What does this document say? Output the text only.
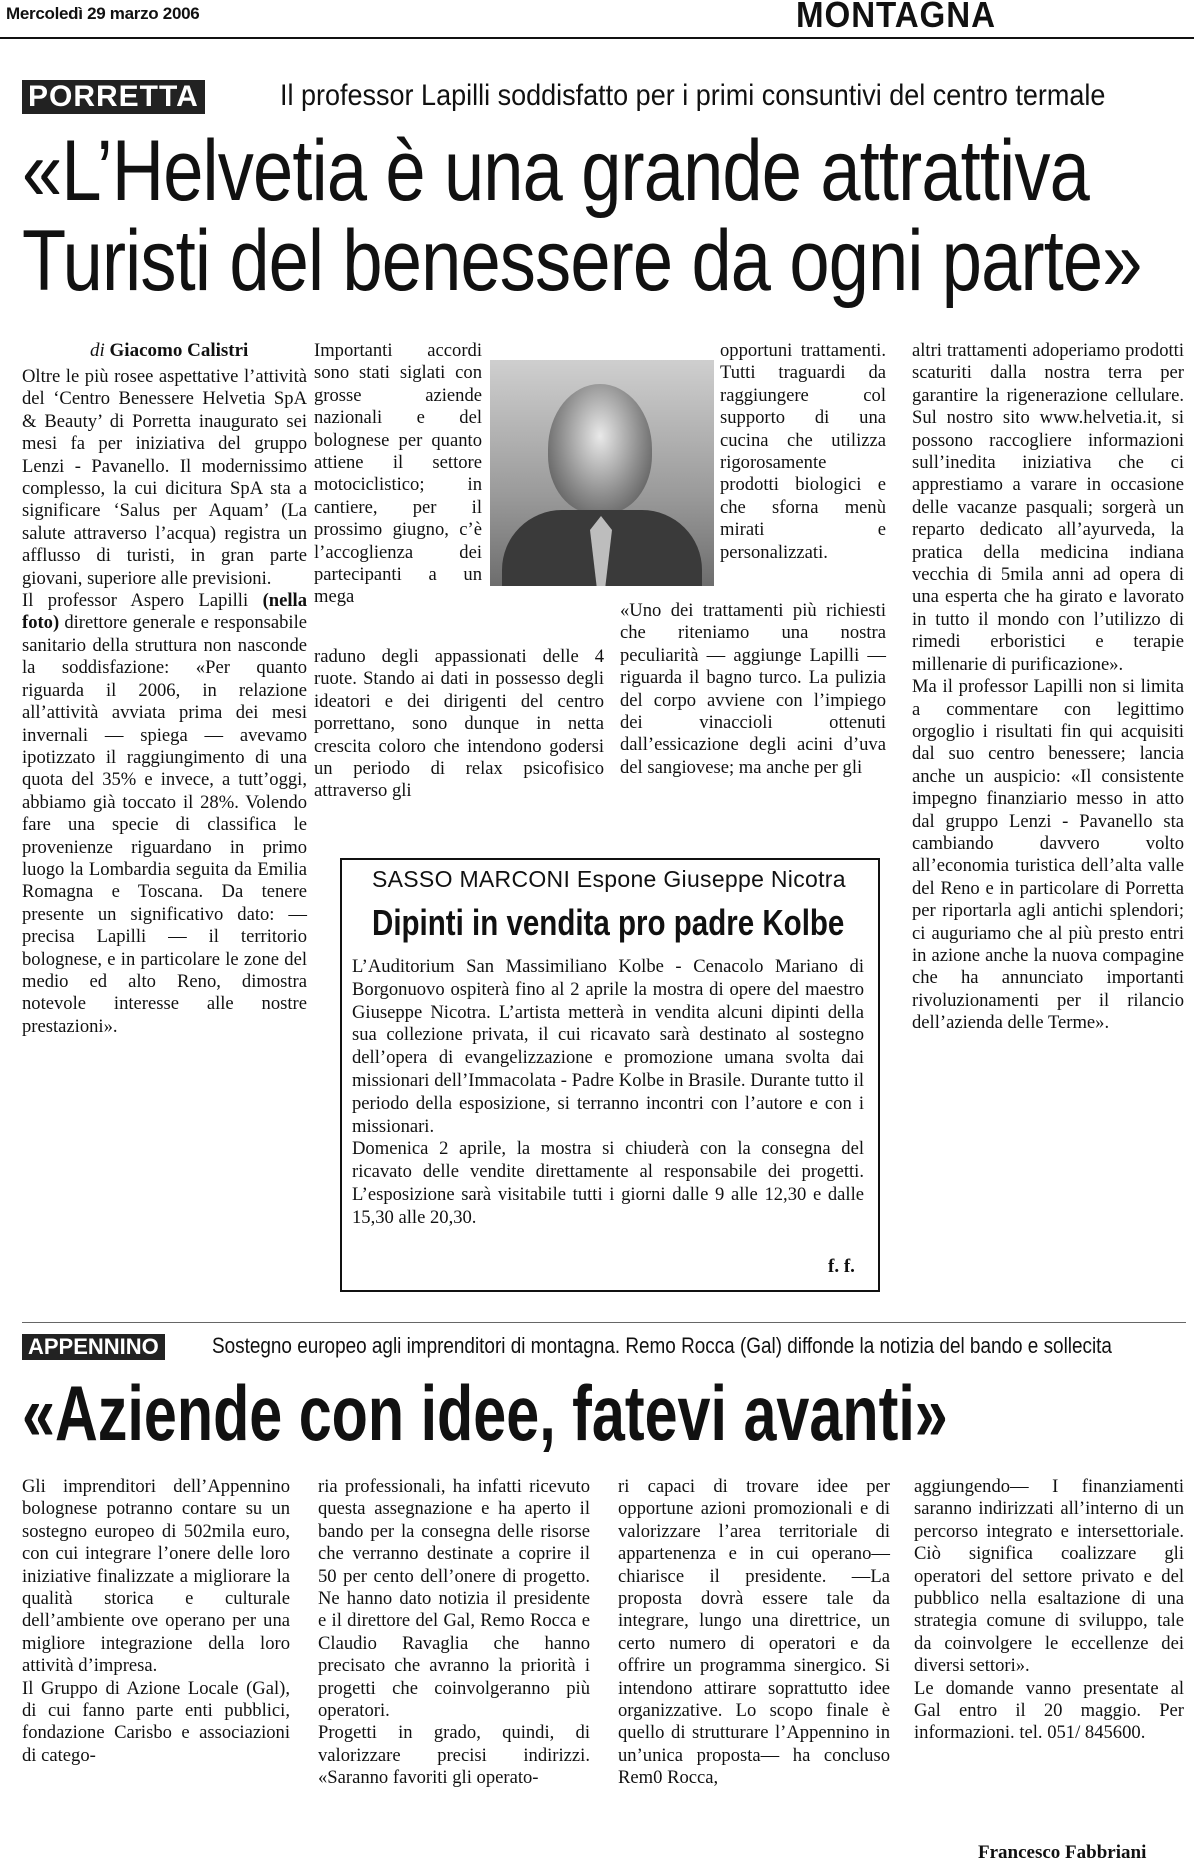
Mercoledì 29 marzo 2006	MONTAGNA
PORRETTA	Il professor Lapilli soddisfatto per i primi consuntivi del centro termale
«L’Helvetia è una grande attrattiva
Turisti del benessere da ogni parte»
di Giacomo Calistri

Oltre le più rosee aspettative l’attività del ‘Centro Benessere Helvetia SpA & Beauty’ di Porretta inaugurato sei mesi fa per iniziativa del gruppo Lenzi - Pavanello. Il modernissimo complesso, la cui dicitura SpA sta a significare ‘Salus per Aquam’ (La salute attraverso l’acqua) registra un afflusso di turisti, in gran parte giovani, superiore alle previsioni.

Il professor Aspero Lapilli (nella foto) direttore generale e responsabile sanitario della struttura non nasconde la soddisfazione: «Per quanto riguarda il 2006, in relazione all’attività avviata prima dei mesi invernali — spiega — avevamo ipotizzato il raggiungimento di una quota del 35% e invece, a tutt’oggi, abbiamo già toccato il 28%. Volendo fare una specie di classifica le provenienze riguardano in primo luogo la Lombardia seguita da Emilia Romagna e Toscana. Da tenere presente un significativo dato: — precisa Lapilli — il territorio bolognese, e in particolare le zone del medio ed alto Reno, dimostra notevole interesse alle nostre prestazioni».

Importanti accordi sono stati siglati con grosse aziende nazionali e del bolognese per quanto attiene il settore motociclistico; in cantiere, per il prossimo giugno, c’è l’accoglienza dei partecipanti a un mega

raduno degli appassionati delle 4 ruote. Stando ai dati in possesso degli ideatori e dei dirigenti del centro porrettano, sono dunque in netta crescita coloro che intendono godersi un periodo di relax psicofisico attraverso gli

opportuni trattamenti. Tutti traguardi da raggiungere col supporto di una cucina che utilizza rigorosamente prodotti biologici e che sforna menù mirati e personalizzati.

«Uno dei trattamenti più richiesti che riteniamo una nostra peculiarità — aggiunge Lapilli — riguarda il bagno turco. La pulizia del corpo avviene con l’impiego dei vinaccioli ottenuti dall’essicazione degli acini d’uva del sangiovese; ma anche per gli

altri trattamenti adoperiamo prodotti scaturiti dalla nostra terra per garantire la rigenerazione cellulare. Sul nostro sito www.helvetia.it, si possono raccogliere informazioni sull’inedita iniziativa che ci apprestiamo a varare in occasione delle vacanze pasquali; sorgerà un reparto dedicato all’ayurveda, la pratica della medicina indiana vecchia di 5mila anni ad opera di una esperta che ha girato e lavorato in tutto il mondo con l’utilizzo di rimedi erboristici e terapie millenarie di purificazione».

Ma il professor Lapilli non si limita a commentare con legittimo orgoglio i risultati fin qui acquisiti dal suo centro benessere; lancia anche un auspicio: «Il consistente impegno finanziario messo in atto dal gruppo Lenzi - Pavanello sta cambiando davvero volto all’economia turistica dell’alta valle del Reno e in particolare di Porretta per riportarla agli antichi splendori; ci auguriamo che al più presto entri in azione anche la nuova compagine che ha annunciato importanti rivoluzionamenti per il rilancio dell’azienda delle Terme».

SASSO MARCONI Espone Giuseppe Nicotra
Dipinti in vendita pro padre Kolbe

L’Auditorium San Massimiliano Kolbe - Cenacolo Mariano di Borgonuovo ospiterà fino al 2 aprile la mostra di opere del maestro Giuseppe Nicotra. L’artista metterà in vendita alcuni dipinti della sua collezione privata, il cui ricavato sarà destinato al sostegno dell’opera di evangelizzazione e promozione umana svolta dai missionari dell’Immacolata - Padre Kolbe in Brasile. Durante tutto il periodo della esposizione, si terranno incontri con l’autore e con i missionari.

Domenica 2 aprile, la mostra si chiuderà con la consegna del ricavato delle vendite direttamente al responsabile dei progetti. L’esposizione sarà visitabile tutti i giorni dalle 9 alle 12,30 e dalle 15,30 alle 20,30.

f. f.
APPENNINO Sostegno europeo agli imprenditori di montagna. Remo Rocca (Gal) diffonde la notizia del bando e sollecita
«Aziende con idee, fatevi avanti»

Gli imprenditori dell’Appennino bolognese potranno contare su un sostegno europeo di 502mila euro, con cui integrare l’onere delle loro iniziative finalizzate a migliorare la qualità storica e culturale dell’ambiente ove operano per una migliore integrazione della loro attività d’impresa.

Il Gruppo di Azione Locale (Gal), di cui fanno parte enti pubblici, fondazione Carisbo e associazioni di catego-

ria professionali, ha infatti ricevuto questa assegnazione e ha aperto il bando per la consegna delle risorse che verranno destinate a coprire il 50 per cento dell’onere di progetto. Ne hanno dato notizia il presidente e il direttore del Gal, Remo Rocca e Claudio Ravaglia che hanno precisato che avranno la priorità i progetti che coinvolgeranno più operatori.

Progetti in grado, quindi, di valorizzare precisi indirizzi. «Saranno favoriti gli operato-

ri capaci di trovare idee per opportune azioni promozionali e di valorizzare l’area territoriale di appartenenza e in cui operano— chiarisce il presidente. —La proposta dovrà essere tale da integrare, lungo una direttrice, un certo numero di operatori e da offrire un programma sinergico. Si intendono attirare soprattutto idee organizzative. Lo scopo finale è quello di strutturare l’Appennino in un’unica proposta— ha concluso Rem0 Rocca,

aggiungendo— I finanziamenti saranno indirizzati all’interno di un percorso integrato e intersettoriale. Ciò significa coalizzare gli operatori del settore privato e del pubblico nella esaltazione di una strategia comune di sviluppo, tale da coinvolgere le eccellenze dei diversi settori».

Le domande vanno presentate al Gal entro il 20 maggio. Per informazioni. tel. 051/ 845600.

Francesco Fabbriani
